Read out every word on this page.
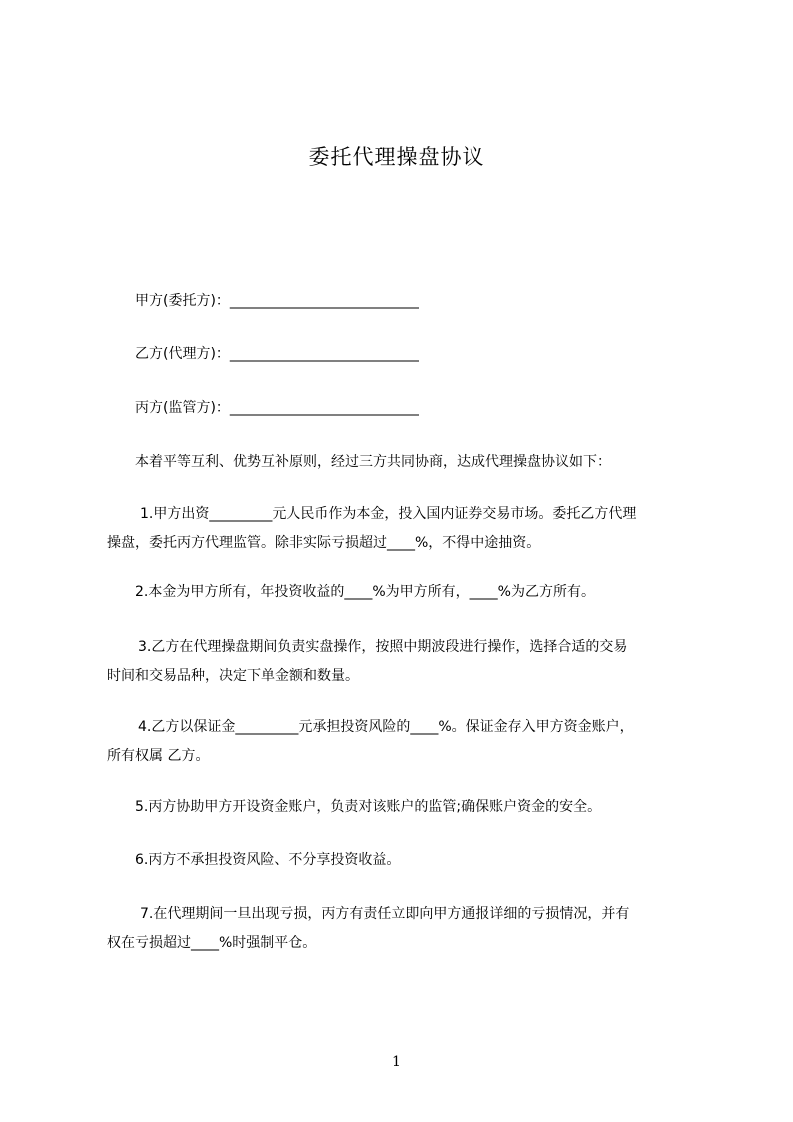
委托代理操盘协议
甲方(委托方)：___________________________
乙方(代理方)：___________________________
丙方(监管方)：___________________________
本着平等互利、优势互补原则，经过三方共同协商，达成代理操盘协议如下：
1.甲方出资_________元人民币作为本金，投入国内证券交易市场。委托乙方代理
操盘，委托丙方代理监管。除非实际亏损超过____%，不得中途抽资。
2.本金为甲方所有，年投资收益的____%为甲方所有，____%为乙方所有。
3.乙方在代理操盘期间负责实盘操作，按照中期波段进行操作，选择合适的交易
时间和交易品种，决定下单金额和数量。
4.乙方以保证金_________元承担投资风险的____%。保证金存入甲方资金账户，
所有权属 乙方。
5.丙方协助甲方开设资金账户，负责对该账户的监管;确保账户资金的安全。
6.丙方不承担投资风险、不分享投资收益。
7.在代理期间一旦出现亏损，丙方有责任立即向甲方通报详细的亏损情况，并有
权在亏损超过____%时强制平仓。
1
